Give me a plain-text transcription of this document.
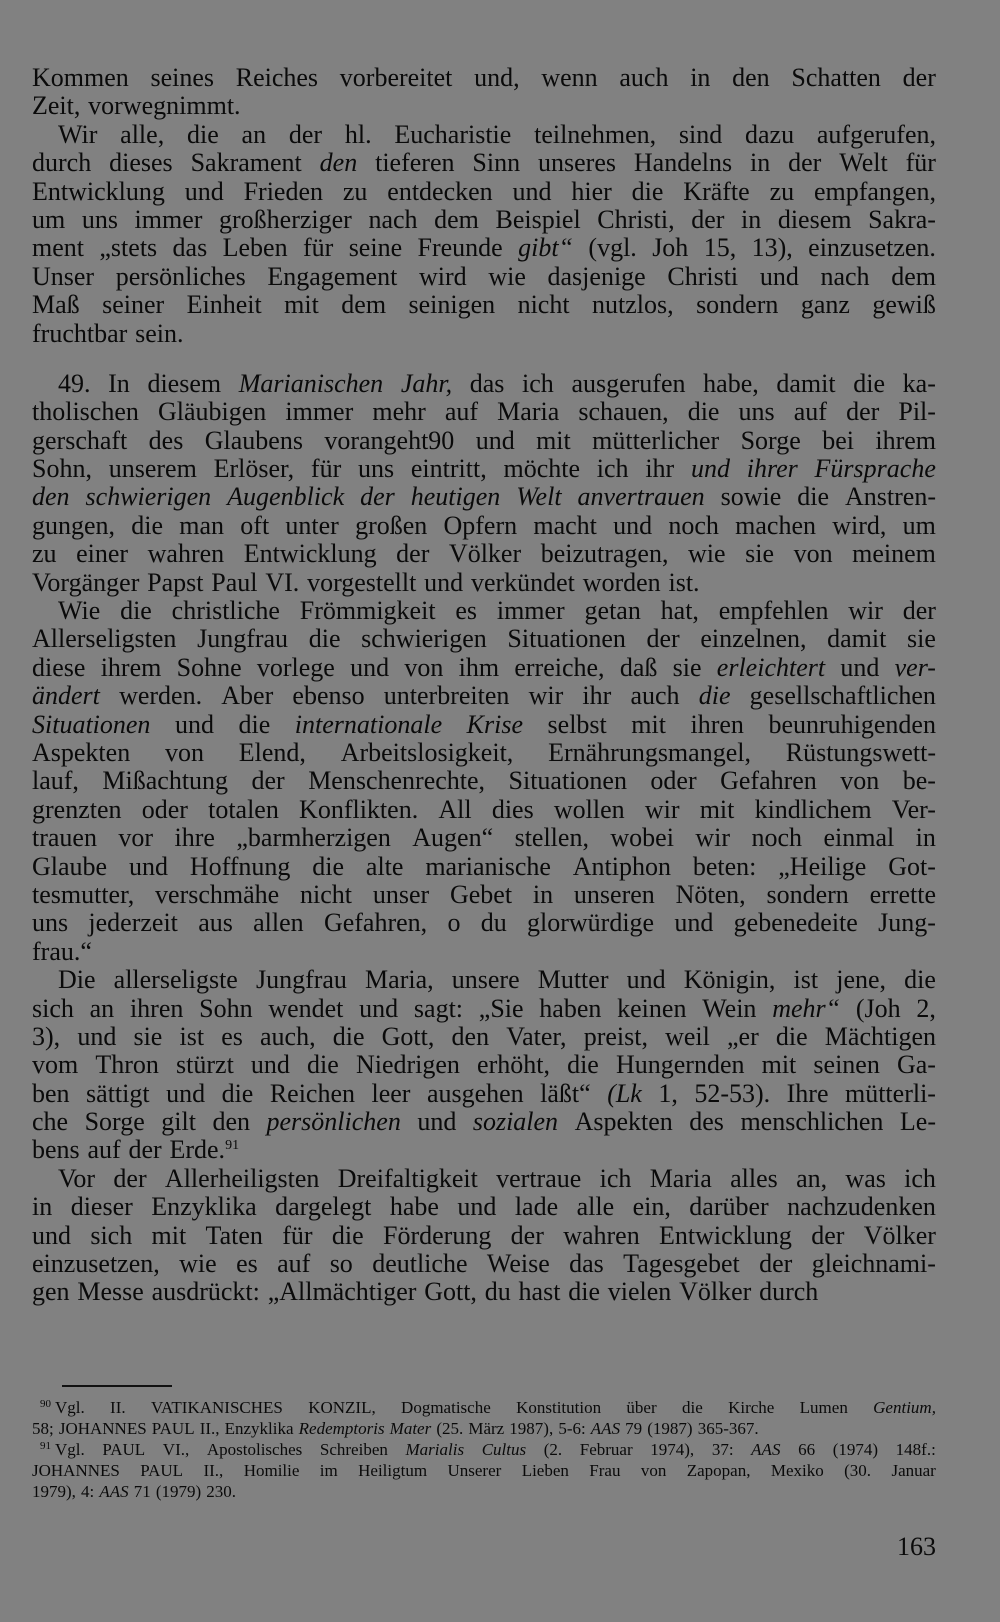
Kommen seines Reiches vorbereitet und, wenn auch in den Schatten der
Zeit, vorwegnimmt.
Wir alle, die an der hl. Eucharistie teilnehmen, sind dazu aufgerufen,
durch dieses Sakrament den tieferen Sinn unseres Handelns in der Welt für
Entwicklung und Frieden zu entdecken und hier die Kräfte zu empfangen,
um uns immer großherziger nach dem Beispiel Christi, der in diesem Sakra-
ment „stets das Leben für seine Freunde gibt“ (vgl. Joh 15, 13), einzusetzen.
Unser persönliches Engagement wird wie dasjenige Christi und nach dem
Maß seiner Einheit mit dem seinigen nicht nutzlos, sondern ganz gewiß
fruchtbar sein.
49. In diesem Marianischen Jahr, das ich ausgerufen habe, damit die ka-
tholischen Gläubigen immer mehr auf Maria schauen, die uns auf der Pil-
gerschaft des Glaubens vorangeht90 und mit mütterlicher Sorge bei ihrem
Sohn, unserem Erlöser, für uns eintritt, möchte ich ihr und ihrer Fürsprache
den schwierigen Augenblick der heutigen Welt anvertrauen sowie die Anstren-
gungen, die man oft unter großen Opfern macht und noch machen wird, um
zu einer wahren Entwicklung der Völker beizutragen, wie sie von meinem
Vorgänger Papst Paul VI. vorgestellt und verkündet worden ist.
Wie die christliche Frömmigkeit es immer getan hat, empfehlen wir der
Allerseligsten Jungfrau die schwierigen Situationen der einzelnen, damit sie
diese ihrem Sohne vorlege und von ihm erreiche, daß sie erleichtert und ver-
ändert werden. Aber ebenso unterbreiten wir ihr auch die gesellschaftlichen
Situationen und die internationale Krise selbst mit ihren beunruhigenden
Aspekten von Elend, Arbeitslosigkeit, Ernährungsmangel, Rüstungswett-
lauf, Mißachtung der Menschenrechte, Situationen oder Gefahren von be-
grenzten oder totalen Konflikten. All dies wollen wir mit kindlichem Ver-
trauen vor ihre „barmherzigen Augen“ stellen, wobei wir noch einmal in
Glaube und Hoffnung die alte marianische Antiphon beten: „Heilige Got-
tesmutter, verschmähe nicht unser Gebet in unseren Nöten, sondern errette
uns jederzeit aus allen Gefahren, o du glorwürdige und gebenedeite Jung-
frau.“
Die allerseligste Jungfrau Maria, unsere Mutter und Königin, ist jene, die
sich an ihren Sohn wendet und sagt: „Sie haben keinen Wein mehr“ (Joh 2,
3), und sie ist es auch, die Gott, den Vater, preist, weil „er die Mächtigen
vom Thron stürzt und die Niedrigen erhöht, die Hungernden mit seinen Ga-
ben sättigt und die Reichen leer ausgehen läßt“ (Lk 1, 52-53). Ihre mütterli-
che Sorge gilt den persönlichen und sozialen Aspekten des menschlichen Le-
bens auf der Erde.$^{91}$
Vor der Allerheiligsten Dreifaltigkeit vertraue ich Maria alles an, was ich
in dieser Enzyklika dargelegt habe und lade alle ein, darüber nachzudenken
und sich mit Taten für die Förderung der wahren Entwicklung der Völker
einzusetzen, wie es auf so deutliche Weise das Tagesgebet der gleichnami-
gen Messe ausdrückt: „Allmächtiger Gott, du hast die vielen Völker durch
$^{90}$ Vgl. II. VATIKANISCHES KONZIL, Dogmatische Konstitution über die Kirche Lumen Gentium,
58; JOHANNES PAUL II., Enzyklika Redemptoris Mater (25. März 1987), 5-6: AAS 79 (1987) 365-367.
$^{91}$ Vgl. PAUL VI., Apostolisches Schreiben Marialis Cultus (2. Februar 1974), 37: AAS 66 (1974) 148f.:
JOHANNES PAUL II., Homilie im Heiligtum Unserer Lieben Frau von Zapopan, Mexiko (30. Januar
1979), 4: AAS 71 (1979) 230.
163
